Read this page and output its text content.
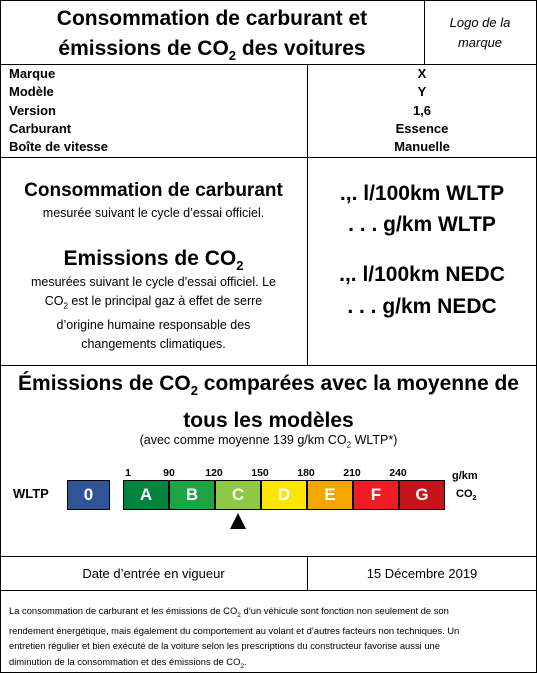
Consommation de carburant et
émissions de $CO_2$ des voitures
Logo de la
marque
Marque	X
Modèle	Y
Version	1,6
Carburant	Essence
Boîte de vitesse	Manuelle
Consommation de carburant
mesurée suivant le cycle d’essai officiel.
Emissions de $CO_2$
mesurées suivant le cycle d’essai officiel. Le
$CO_2$ est le principal gaz à effet de serre
d’origine humaine responsable des
changements climatiques.
.,. l/100km WLTP
. . . g/km WLTP
.,. l/100km NEDC
. . . g/km NEDC
Émissions de $CO_2$ comparées avec la moyenne de
tous les modèles
(avec comme moyenne 139 g/km $CO_2$ WLTP*)
WLTP
1	90	120	150	180	210	240
0	A	B	C	D	E	F	G
g/km
$CO_2$
Date d’entrée en vigueur	15 Décembre 2019
La consommation de carburant et les émissions de $CO_2$ d’un véhicule sont fonction non seulement de son
rendement énergétique, mais également du comportement au volant et d’autres facteurs non techniques. Un
entretien régulier et bien exécuté de la voiture selon les prescriptions du constructeur favorise aussi une
diminution de la consommation et des émissions de $CO_2$.
